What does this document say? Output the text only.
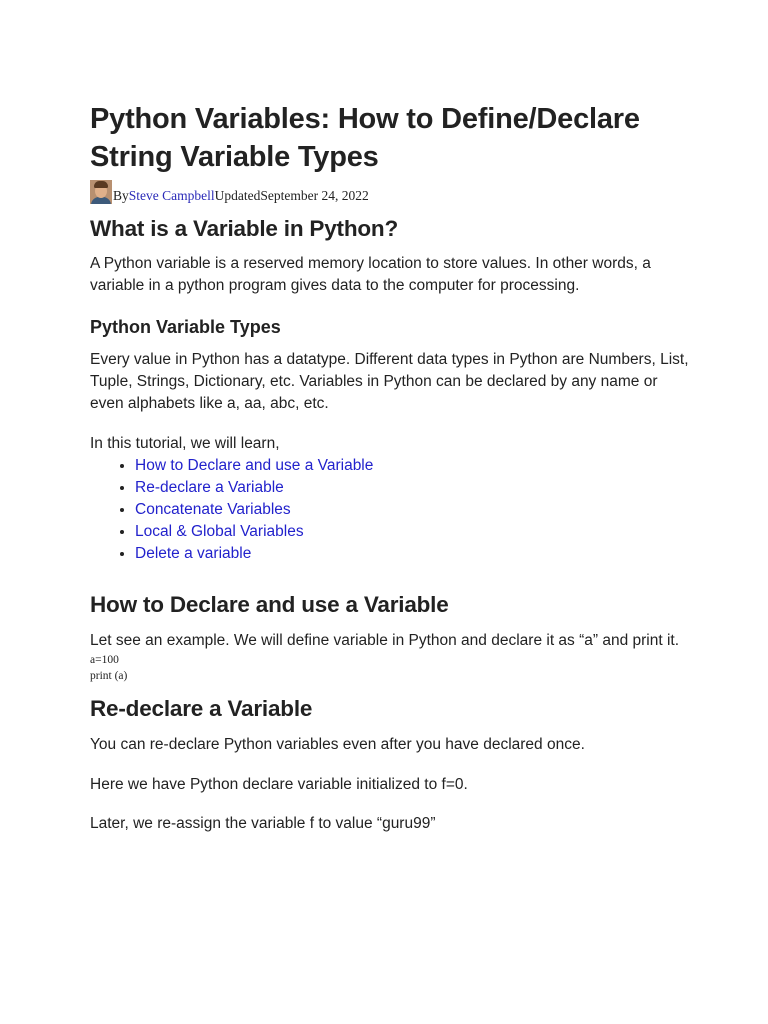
Python Variables: How to Define/Declare String Variable Types
By Steve Campbell Updated September 24, 2022
What is a Variable in Python?

A Python variable is a reserved memory location to store values. In other words, a variable in a python program gives data to the computer for processing.

Python Variable Types

Every value in Python has a datatype. Different data types in Python are Numbers, List, Tuple, Strings, Dictionary, etc. Variables in Python can be declared by any name or even alphabets like a, aa, abc, etc.

In this tutorial, we will learn,

• How to Declare and use a Variable
• Re-declare a Variable
• Concatenate Variables
• Local & Global Variables
• Delete a variable
How to Declare and use a Variable

Let see an example. We will define variable in Python and declare it as “a” and print it.

a=100
print (a)
Re-declare a Variable

You can re-declare Python variables even after you have declared once.

Here we have Python declare variable initialized to f=0.

Later, we re-assign the variable f to value “guru99”
